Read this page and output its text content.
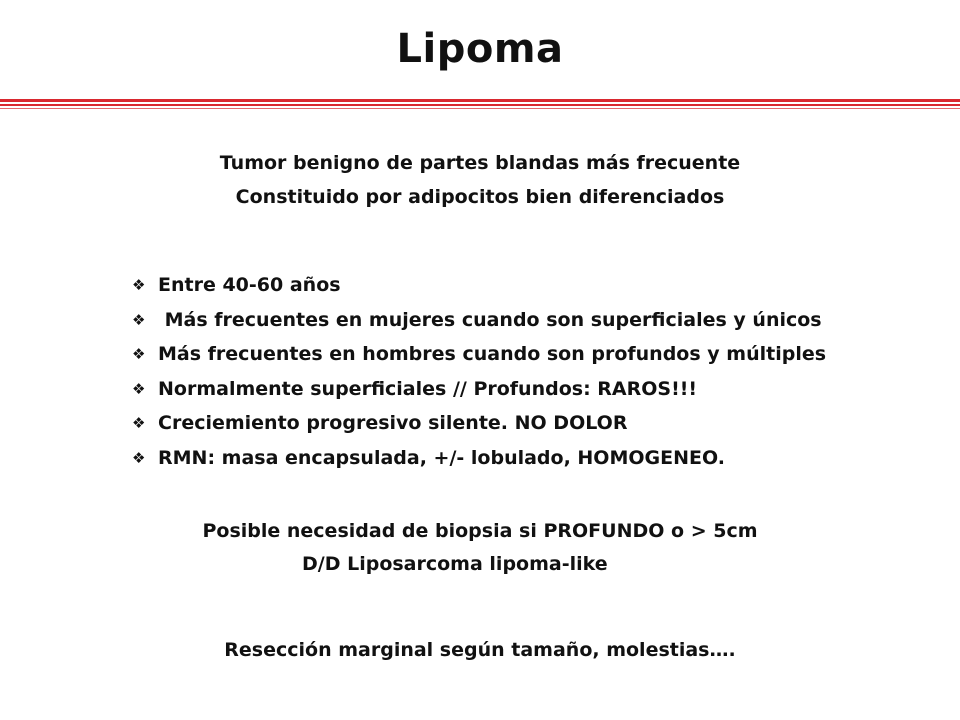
Lipoma
Tumor benigno de partes blandas más frecuente
Constituido por adipocitos bien diferenciados
❖ Entre 40-60 años
❖ Más frecuentes en mujeres cuando son superficiales y únicos
❖ Más frecuentes en hombres cuando son profundos y múltiples
❖ Normalmente superficiales // Profundos: RAROS!!!
❖ Creciemiento progresivo silente. NO DOLOR
❖ RMN: masa encapsulada, +/- lobulado, HOMOGENEO.
Posible necesidad de biopsia si PROFUNDO o > 5cm
D/D Liposarcoma lipoma-like
Resección marginal según tamaño, molestias….
